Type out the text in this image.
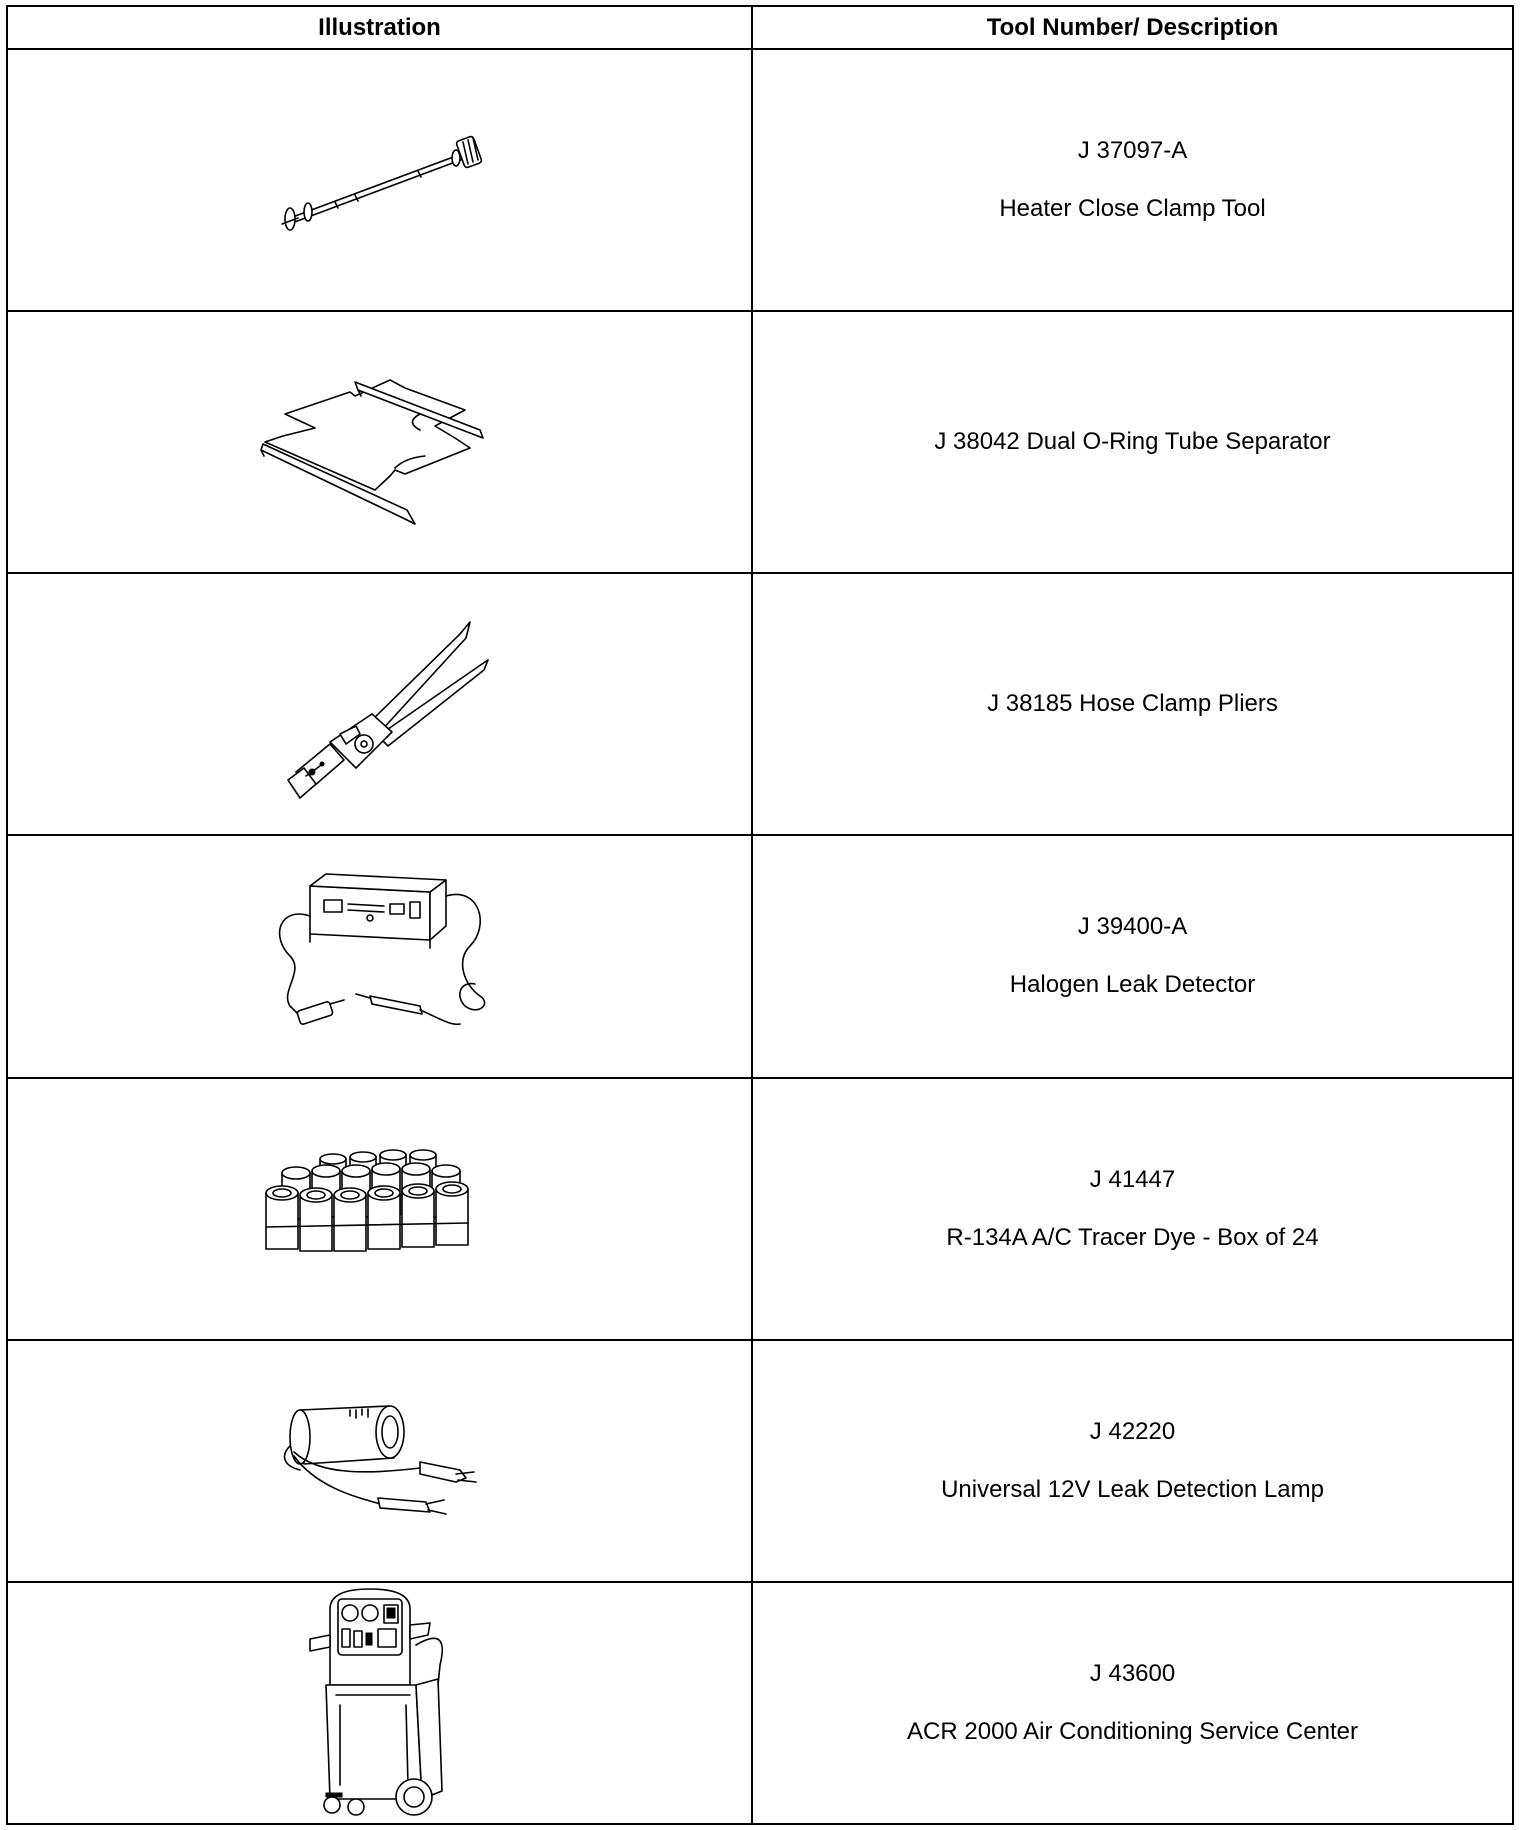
Illustration	Tool Number/ Description

J 37097-A
Heater Close Clamp Tool

J 38042 Dual O-Ring Tube Separator

J 38185 Hose Clamp Pliers

J 39400-A
Halogen Leak Detector

J 41447
R-134A A/C Tracer Dye - Box of 24

J 42220
Universal 12V Leak Detection Lamp

J 43600
ACR 2000 Air Conditioning Service Center
